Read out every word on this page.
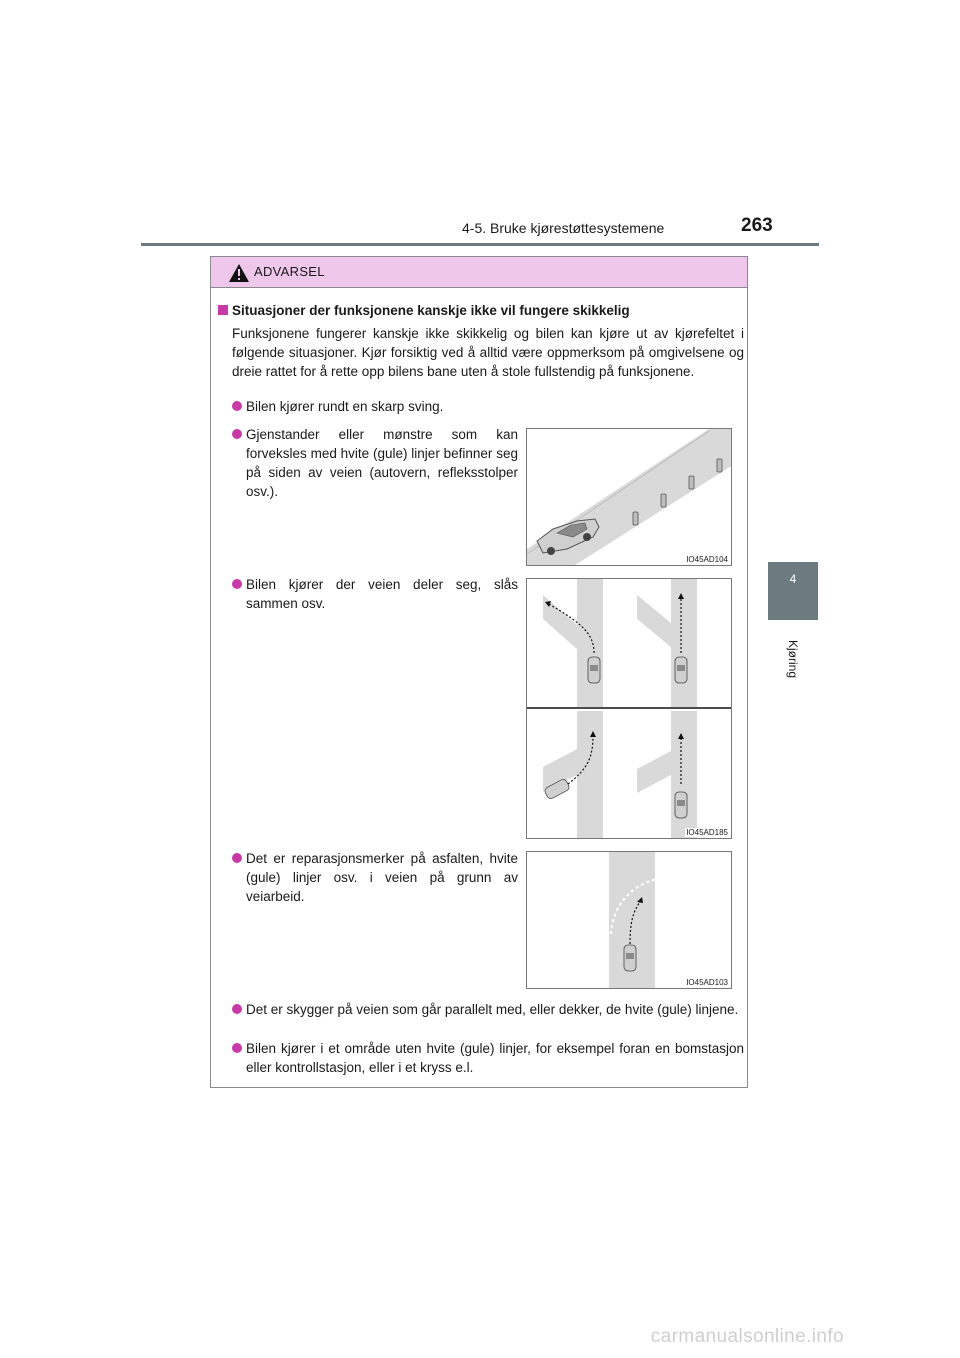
4-5. Bruke kjørestøttesystemene	263
4
Kjøring
ADVARSEL
Situasjoner der funksjonene kanskje ikke vil fungere skikkelig
Funksjonene fungerer kanskje ikke skikkelig og bilen kan kjøre ut av kjørefeltet i følgende situasjoner. Kjør forsiktig ved å alltid være oppmerksom på omgivelsene og dreie rattet for å rette opp bilens bane uten å stole fullstendig på funksjonene.
Bilen kjører rundt en skarp sving.
Gjenstander eller mønstre som kan forveksles med hvite (gule) linjer befinner seg på siden av veien (autovern, refleksstolper osv.).
Bilen kjører der veien deler seg, slås sammen osv.
Det er reparasjonsmerker på asfalten, hvite (gule) linjer osv. i veien på grunn av veiarbeid.
Det er skygger på veien som går parallelt med, eller dekker, de hvite (gule) linjene.
Bilen kjører i et område uten hvite (gule) linjer, for eksempel foran en bomstasjon eller kontrollstasjon, eller i et kryss e.l.
IO45AD104
IO45AD185
IO45AD103
carmanualsonline.info
